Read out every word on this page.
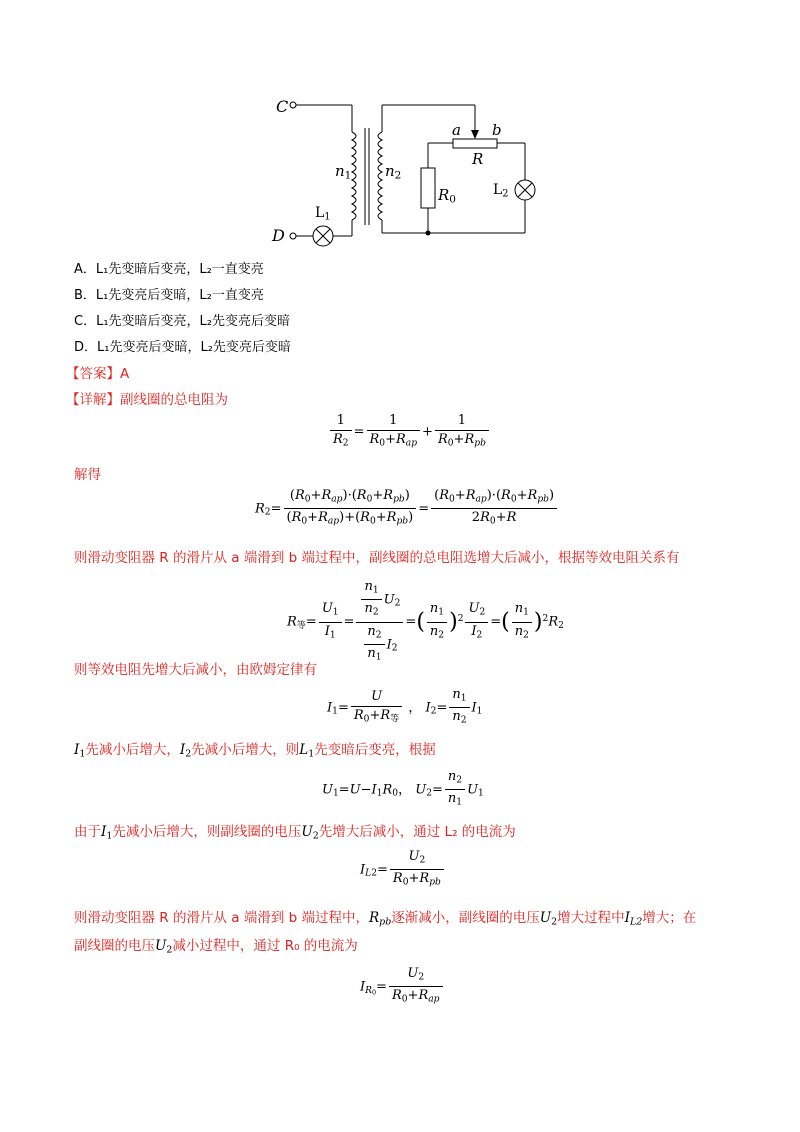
C
D
$n_1$ $n_2$
$L_1$
$L_2$
a b
R
$R_0$
A．L₁先变暗后变亮，L₂一直变亮
B．L₁先变亮后变暗，L₂一直变亮
C．L₁先变暗后变亮，L₂先变亮后变暗
D．L₁先变亮后变暗，L₂先变亮后变暗
【答案】A
【详解】副线圈的总电阻为
$\frac{1}{R_2} = \frac{1}{R_0+R_{ap}} + \frac{1}{R_0+R_{pb}}$
解得
$R_2= \frac{(R_0+R_{ap})\cdot(R_0+R_{pb})}{(R_0+R_{ap})+(R_0+R_{pb})} = \frac{(R_0+R_{ap})\cdot(R_0+R_{pb})}{2R_0+R}$
则滑动变阻器 R 的滑片从 a 端滑到 b 端过程中，副线圈的总电阻选增大后减小，根据等效电阻关系有
$R_等= \frac{U_1}{I_1} = \frac{\frac{n_1}{n_2} U_2}{\frac{n_2}{n_1} I_2}$ =( $\frac{n_1}{n_2} )^2 \frac{U_2}{I_2}$ =( $\frac{n_1}{n_2} )^2R_2$
则等效电阻先增大后减小，由欧姆定律有
$I_1= \frac{U}{R_0+R_等}$ ， $I_2= \frac{n_1}{n_2} I_1$
$I_1$先减小后增大，$I_2$先减小后增大，则$L_1$先变暗后变亮，根据
$U_1=U-I_1R_0$， $U_2= \frac{n_2}{n_1} U_1$
由于$I_1$先减小后增大，则副线圈的电压$U_2$先增大后减小，通过 L₂ 的电流为
$I_{L2}= \frac{U_2}{R_0+R_{pb}}$
则滑动变阻器 R 的滑片从 a 端滑到 b 端过程中，$R_{pb}$逐渐减小，副线圈的电压$U_2$增大过程中$I_{L2}$增大；在
副线圈的电压$U_2$减小过程中，通过 R₀ 的电流为
$I_{R_0}= \frac{U_2}{R_0+R_{ap}}$
